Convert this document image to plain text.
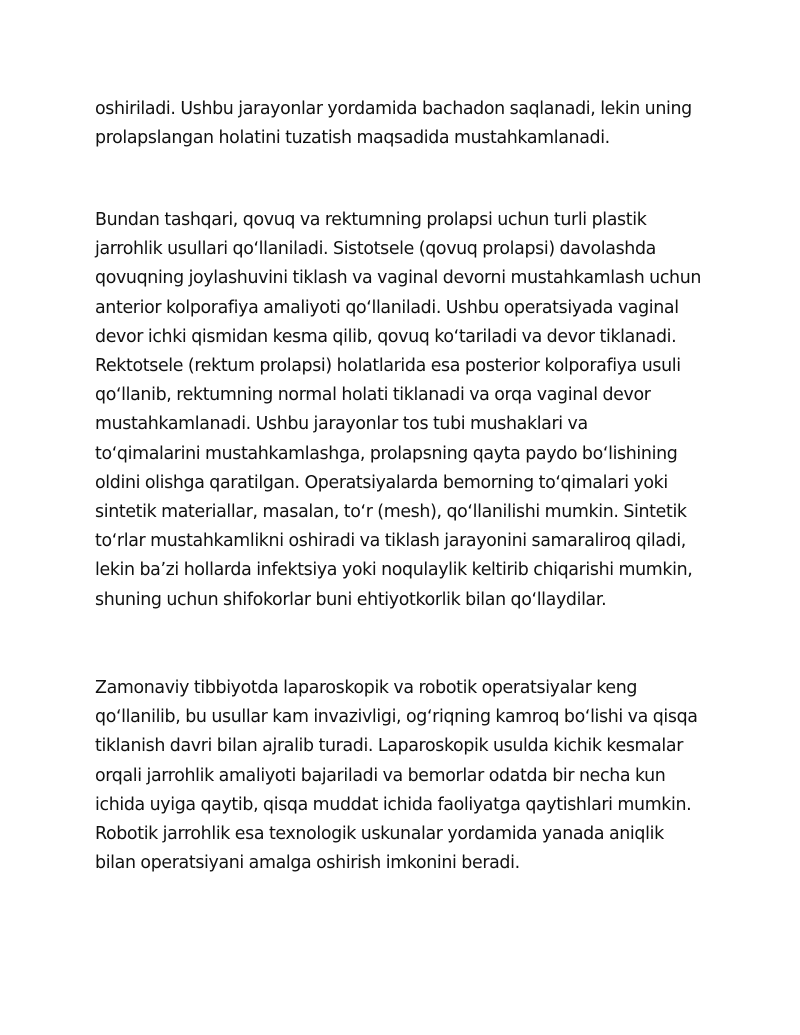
oshiriladi. Ushbu jarayonlar yordamida bachadon saqlanadi, lekin uning
prolapslangan holatini tuzatish maqsadida mustahkamlanadi.

Bundan tashqari, qovuq va rektumning prolapsi uchun turli plastik
jarrohlik usullari qoʻllaniladi. Sistotsele (qovuq prolapsi) davolashda
qovuqning joylashuvini tiklash va vaginal devorni mustahkamlash uchun
anterior kolporafiya amaliyoti qoʻllaniladi. Ushbu operatsiyada vaginal
devor ichki qismidan kesma qilib, qovuq koʻtariladi va devor tiklanadi.
Rektotsele (rektum prolapsi) holatlarida esa posterior kolporafiya usuli
qoʻllanib, rektumning normal holati tiklanadi va orqa vaginal devor
mustahkamlanadi. Ushbu jarayonlar tos tubi mushaklari va
toʻqimalarini mustahkamlashga, prolapsning qayta paydo boʻlishining
oldini olishga qaratilgan. Operatsiyalarda bemorning toʻqimalari yoki
sintetik materiallar, masalan, toʻr (mesh), qoʻllanilishi mumkin. Sintetik
toʻrlar mustahkamlikni oshiradi va tiklash jarayonini samaraliroq qiladi,
lekin baʼzi hollarda infektsiya yoki noqulaylik keltirib chiqarishi mumkin,
shuning uchun shifokorlar buni ehtiyotkorlik bilan qoʻllaydilar.

Zamonaviy tibbiyotda laparoskopik va robotik operatsiyalar keng
qoʻllanilib, bu usullar kam invazivligi, ogʻriqning kamroq boʻlishi va qisqa
tiklanish davri bilan ajralib turadi. Laparoskopik usulda kichik kesmalar
orqali jarrohlik amaliyoti bajariladi va bemorlar odatda bir necha kun
ichida uyiga qaytib, qisqa muddat ichida faoliyatga qaytishlari mumkin.
Robotik jarrohlik esa texnologik uskunalar yordamida yanada aniqlik
bilan operatsiyani amalga oshirish imkonini beradi.
